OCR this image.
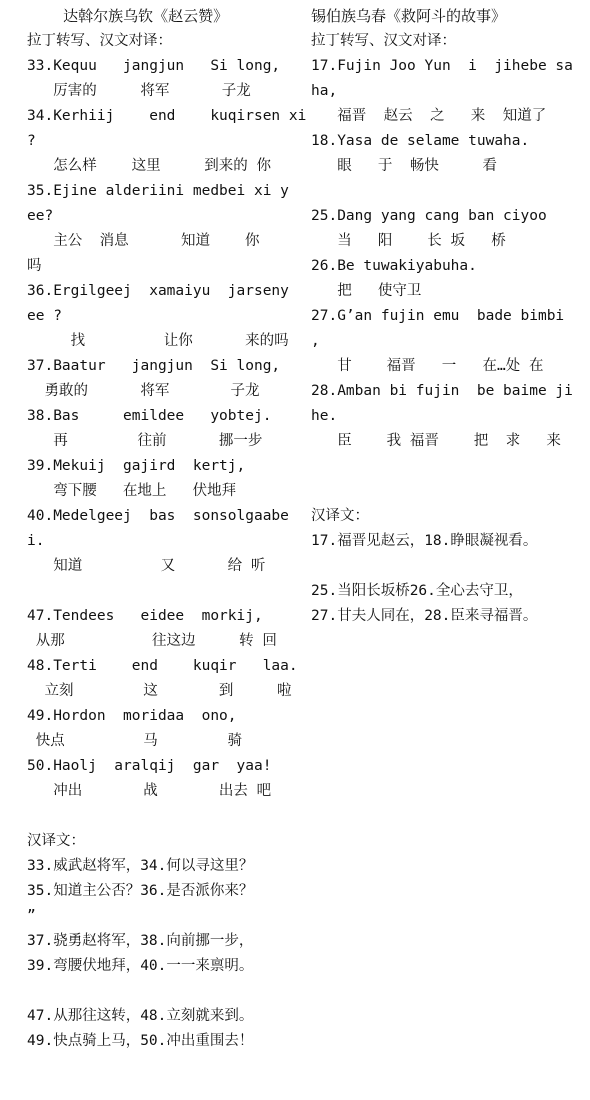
达斡尔族乌钦《赵云赞》
拉丁转写、汉文对译：
33.Kequu   jangjun   Si long,
厉害的     将军      子龙
34.Kerhiij    end    kuqirsen xi
?
怎么样    这里     到来的 你
35.Ejine alderiini medbei xi y
ee?
主公  消息      知道    你
吗
36.Ergilgeej  xamaiyu  jarseny
ee ?
找         让你      来的吗
37.Baatur   jangjun  Si long,
勇敢的      将军       子龙
38.Bas     emildee   yobtej.
再        往前      挪一步
39.Mekuij  gajird  kertj,
弯下腰   在地上   伏地拜
40.Medelgeej  bas  sonsolgaabe
i.
知道         又      给 听
47.Tendees   eidee  morkij,
从那          往这边     转 回
48.Terti    end    kuqir   laa.
立刻        这       到     啦
49.Hordon  moridaa  ono,
快点         马        骑
50.Haolj  aralqij  gar  yaa!
冲出       战       出去 吧
汉译文：
33.威武赵将军，34.何以寻这里？
35.知道主公否？36.是否派你来？
”
37.骁勇赵将军，38.向前挪一步，
39.弯腰伏地拜，40.一一来禀明。
47.从那往这转，48.立刻就来到。
49.快点骑上马，50.冲出重围去！
锡伯族乌春《救阿斗的故事》
拉丁转写、汉文对译：
17.Fujin Joo Yun  i  jihebe sa
ha,
福晋  赵云  之   来  知道了
18.Yasa de selame tuwaha.
眼   于  畅快     看
25.Dang yang cang ban ciyoo
当   阳    长 坂   桥
26.Be tuwakiyabuha.
把   使守卫
27.G’an fujin emu  bade bimbi
,
甘    福晋   一   在…处 在
28.Amban bi fujin  be baime ji
he.
臣    我 福晋    把  求   来
汉译文：
17.福晋见赵云，18.睁眼凝视看。
25.当阳长坂桥26.全心去守卫，
27.甘夫人同在，28.臣来寻福晋。
